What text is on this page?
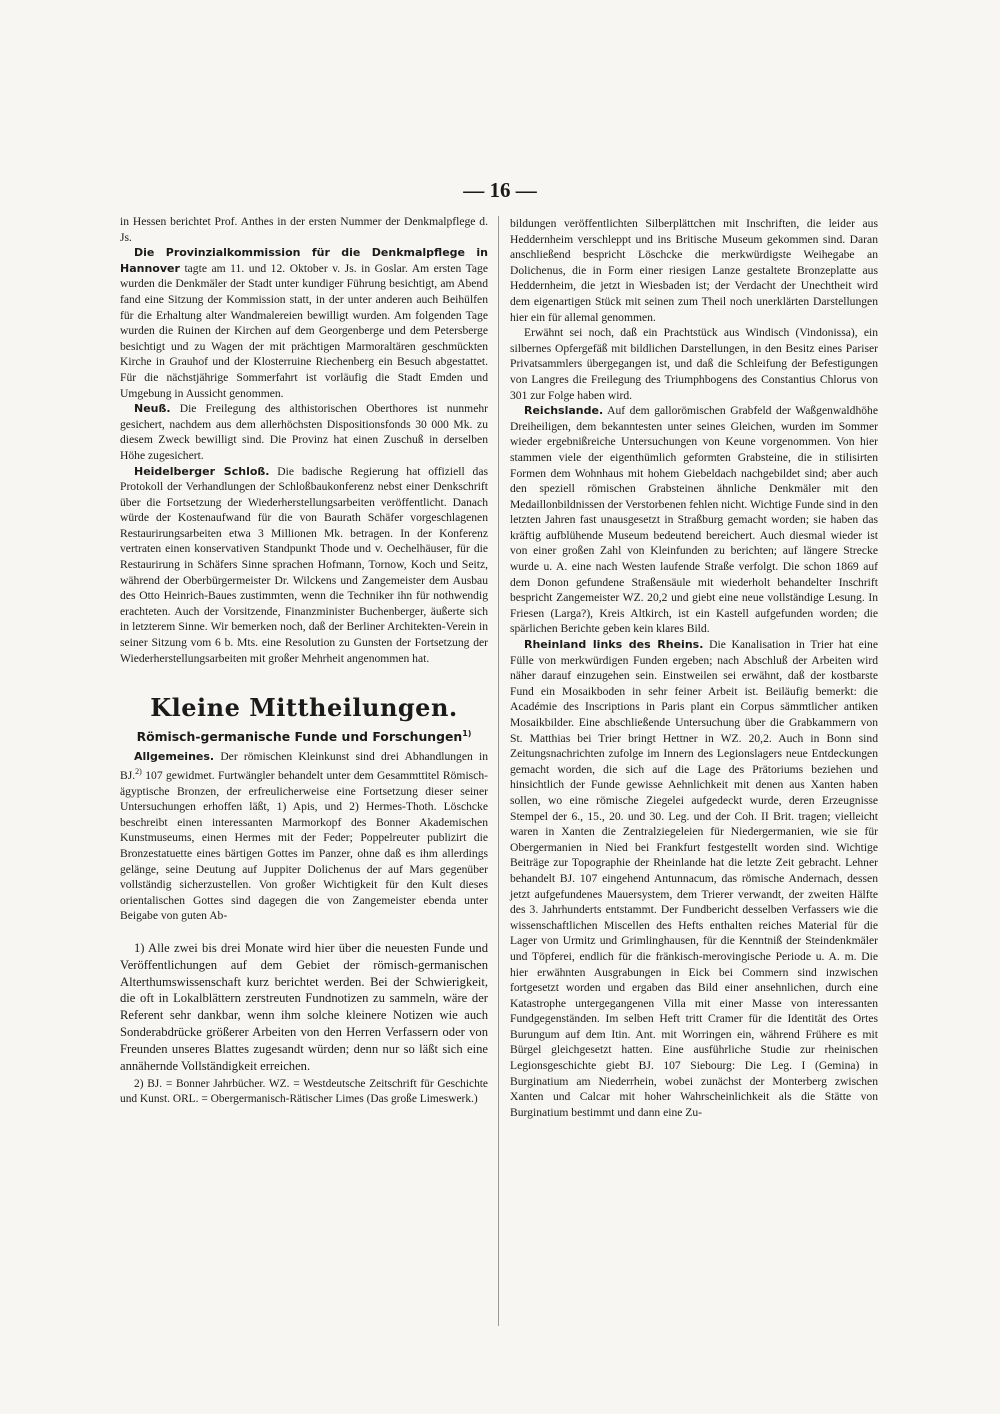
— 16 —

in Hessen berichtet Prof. Anthes in der ersten Nummer der Denkmalpflege d. Js.

Die Provinzialkommission für die Denkmalpflege in Hannover tagte am 11. und 12. Oktober v. Js. in Goslar. Am ersten Tage wurden die Denkmäler der Stadt unter kundiger Führung besichtigt, am Abend fand eine Sitzung der Kommission statt, in der unter anderen auch Beihülfen für die Erhaltung alter Wandmalereien bewilligt wurden. Am folgenden Tage wurden die Ruinen der Kirchen auf dem Georgenberge und dem Petersberge besichtigt und zu Wagen der mit prächtigen Marmoraltären geschmückten Kirche in Grauhof und der Klosterruine Riechenberg ein Besuch abgestattet. Für die nächstjährige Sommerfahrt ist vorläufig die Stadt Emden und Umgebung in Aussicht genommen.

Neuß. Die Freilegung des althistorischen Oberthores ist nunmehr gesichert, nachdem aus dem allerhöchsten Dispositionsfonds 30 000 Mk. zu diesem Zweck bewilligt sind. Die Provinz hat einen Zuschuß in derselben Höhe zugesichert.

Heidelberger Schloß. Die badische Regierung hat offiziell das Protokoll der Verhandlungen der Schloßbaukonferenz nebst einer Denkschrift über die Fortsetzung der Wiederherstellungsarbeiten veröffentlicht. Danach würde der Kostenaufwand für die von Baurath Schäfer vorgeschlagenen Restaurirungsarbeiten etwa 3 Millionen Mk. betragen. In der Konferenz vertraten einen konservativen Standpunkt Thode und v. Oechelhäuser, für die Restaurirung in Schäfers Sinne sprachen Hofmann, Tornow, Koch und Seitz, während der Oberbürgermeister Dr. Wilckens und Zangemeister dem Ausbau des Otto Heinrich-Baues zustimmten, wenn die Techniker ihn für nothwendig erachteten. Auch der Vorsitzende, Finanzminister Buchenberger, äußerte sich in letzterem Sinne. Wir bemerken noch, daß der Berliner Architekten-Verein in seiner Sitzung vom 6 b. Mts. eine Resolution zu Gunsten der Fortsetzung der Wiederherstellungsarbeiten mit großer Mehrheit angenommen hat.

Kleine Mittheilungen.
Römisch-germanische Funde und Forschungen$^{1)}$

Allgemeines. Der römischen Kleinkunst sind drei Abhandlungen in BJ.$^{2)}$ 107 gewidmet. Furtwängler behandelt unter dem Gesammttitel Römisch-ägyptische Bronzen, der erfreulicherweise eine Fortsetzung dieser seiner Untersuchungen erhoffen läßt, 1) Apis, und 2) Hermes-Thoth. Löschcke beschreibt einen interessanten Marmorkopf des Bonner Akademischen Kunstmuseums, einen Hermes mit der Feder; Poppelreuter publizirt die Bronzestatuette eines bärtigen Gottes im Panzer, ohne daß es ihm allerdings gelänge, seine Deutung auf Juppiter Dolichenus der auf Mars gegenüber vollständig sicherzustellen. Von großer Wichtigkeit für den Kult dieses orientalischen Gottes sind dagegen die von Zangemeister ebenda unter Beigabe von guten Ab-

1) Alle zwei bis drei Monate wird hier über die neuesten Funde und Veröffentlichungen auf dem Gebiet der römisch-germanischen Alterthumswissenschaft kurz berichtet werden. Bei der Schwierigkeit, die oft in Lokalblättern zerstreuten Fundnotizen zu sammeln, wäre der Referent sehr dankbar, wenn ihm solche kleinere Notizen wie auch Sonderabdrücke größerer Arbeiten von den Herren Verfassern oder von Freunden unseres Blattes zugesandt würden; denn nur so läßt sich eine annähernde Vollständigkeit erreichen.

2) BJ. = Bonner Jahrbücher. WZ. = Westdeutsche Zeitschrift für Geschichte und Kunst. ORL. = Obergermanisch-Rätischer Limes (Das große Limeswerk.)

bildungen veröffentlichten Silberplättchen mit Inschriften, die leider aus Heddernheim verschleppt und ins Britische Museum gekommen sind. Daran anschließend bespricht Löschcke die merkwürdigste Weihegabe an Dolichenus, die in Form einer riesigen Lanze gestaltete Bronzeplatte aus Heddernheim, die jetzt in Wiesbaden ist; der Verdacht der Unechtheit wird dem eigenartigen Stück mit seinen zum Theil noch unerklärten Darstellungen hier ein für allemal genommen.

Erwähnt sei noch, daß ein Prachtstück aus Windisch (Vindonissa), ein silbernes Opfergefäß mit bildlichen Darstellungen, in den Besitz eines Pariser Privatsammlers übergegangen ist, und daß die Schleifung der Befestigungen von Langres die Freilegung des Triumphbogens des Constantius Chlorus von 301 zur Folge haben wird.

Reichslande. Auf dem gallorömischen Grabfeld der Waßgenwaldhöhe Dreiheiligen, dem bekanntesten unter seines Gleichen, wurden im Sommer wieder ergebnißreiche Untersuchungen von Keune vorgenommen. Von hier stammen viele der eigenthümlich geformten Grabsteine, die in stilisirten Formen dem Wohnhaus mit hohem Giebeldach nachgebildet sind; aber auch den speziell römischen Grabsteinen ähnliche Denkmäler mit den Medaillonbildnissen der Verstorbenen fehlen nicht. Wichtige Funde sind in den letzten Jahren fast unausgesetzt in Straßburg gemacht worden; sie haben das kräftig aufblühende Museum bedeutend bereichert. Auch diesmal wieder ist von einer großen Zahl von Kleinfunden zu berichten; auf längere Strecke wurde u. A. eine nach Westen laufende Straße verfolgt. Die schon 1869 auf dem Donon gefundene Straßensäule mit wiederholt behandelter Inschrift bespricht Zangemeister WZ. 20,2 und giebt eine neue vollständige Lesung. In Friesen (Larga?), Kreis Altkirch, ist ein Kastell aufgefunden worden; die spärlichen Berichte geben kein klares Bild.

Rheinland links des Rheins. Die Kanalisation in Trier hat eine Fülle von merkwürdigen Funden ergeben; nach Abschluß der Arbeiten wird näher darauf einzugehen sein. Einstweilen sei erwähnt, daß der kostbarste Fund ein Mosaikboden in sehr feiner Arbeit ist. Beiläufig bemerkt: die Académie des Inscriptions in Paris plant ein Corpus sämmtlicher antiken Mosaikbilder. Eine abschließende Untersuchung über die Grabkammern von St. Matthias bei Trier bringt Hettner in WZ. 20,2. Auch in Bonn sind Zeitungsnachrichten zufolge im Innern des Legionslagers neue Entdeckungen gemacht worden, die sich auf die Lage des Prätoriums beziehen und hinsichtlich der Funde gewisse Aehnlichkeit mit denen aus Xanten haben sollen, wo eine römische Ziegelei aufgedeckt wurde, deren Erzeugnisse Stempel der 6., 15., 20. und 30. Leg. und der Coh. II Brit. tragen; vielleicht waren in Xanten die Zentralziegeleien für Niedergermanien, wie sie für Obergermanien in Nied bei Frankfurt festgestellt worden sind. Wichtige Beiträge zur Topographie der Rheinlande hat die letzte Zeit gebracht. Lehner behandelt BJ. 107 eingehend Antunnacum, das römische Andernach, dessen jetzt aufgefundenes Mauersystem, dem Trierer verwandt, der zweiten Hälfte des 3. Jahrhunderts entstammt. Der Fundbericht desselben Verfassers wie die wissenschaftlichen Miscellen des Hefts enthalten reiches Material für die Lager von Urmitz und Grimlinghausen, für die Kenntniß der Steindenkmäler und Töpferei, endlich für die fränkisch-merovingische Periode u. A. m. Die hier erwähnten Ausgrabungen in Eick bei Commern sind inzwischen fortgesetzt worden und ergaben das Bild einer ansehnlichen, durch eine Katastrophe untergegangenen Villa mit einer Masse von interessanten Fundgegenständen. Im selben Heft tritt Cramer für die Identität des Ortes Burungum auf dem Itin. Ant. mit Worringen ein, während Frühere es mit Bürgel gleichgesetzt hatten. Eine ausführliche Studie zur rheinischen Legionsgeschichte giebt BJ. 107 Siebourg: Die Leg. I (Gemina) in Burginatium am Niederrhein, wobei zunächst der Monterberg zwischen Xanten und Calcar mit hoher Wahrscheinlichkeit als die Stätte von Burginatium bestimmt und dann eine Zu-
